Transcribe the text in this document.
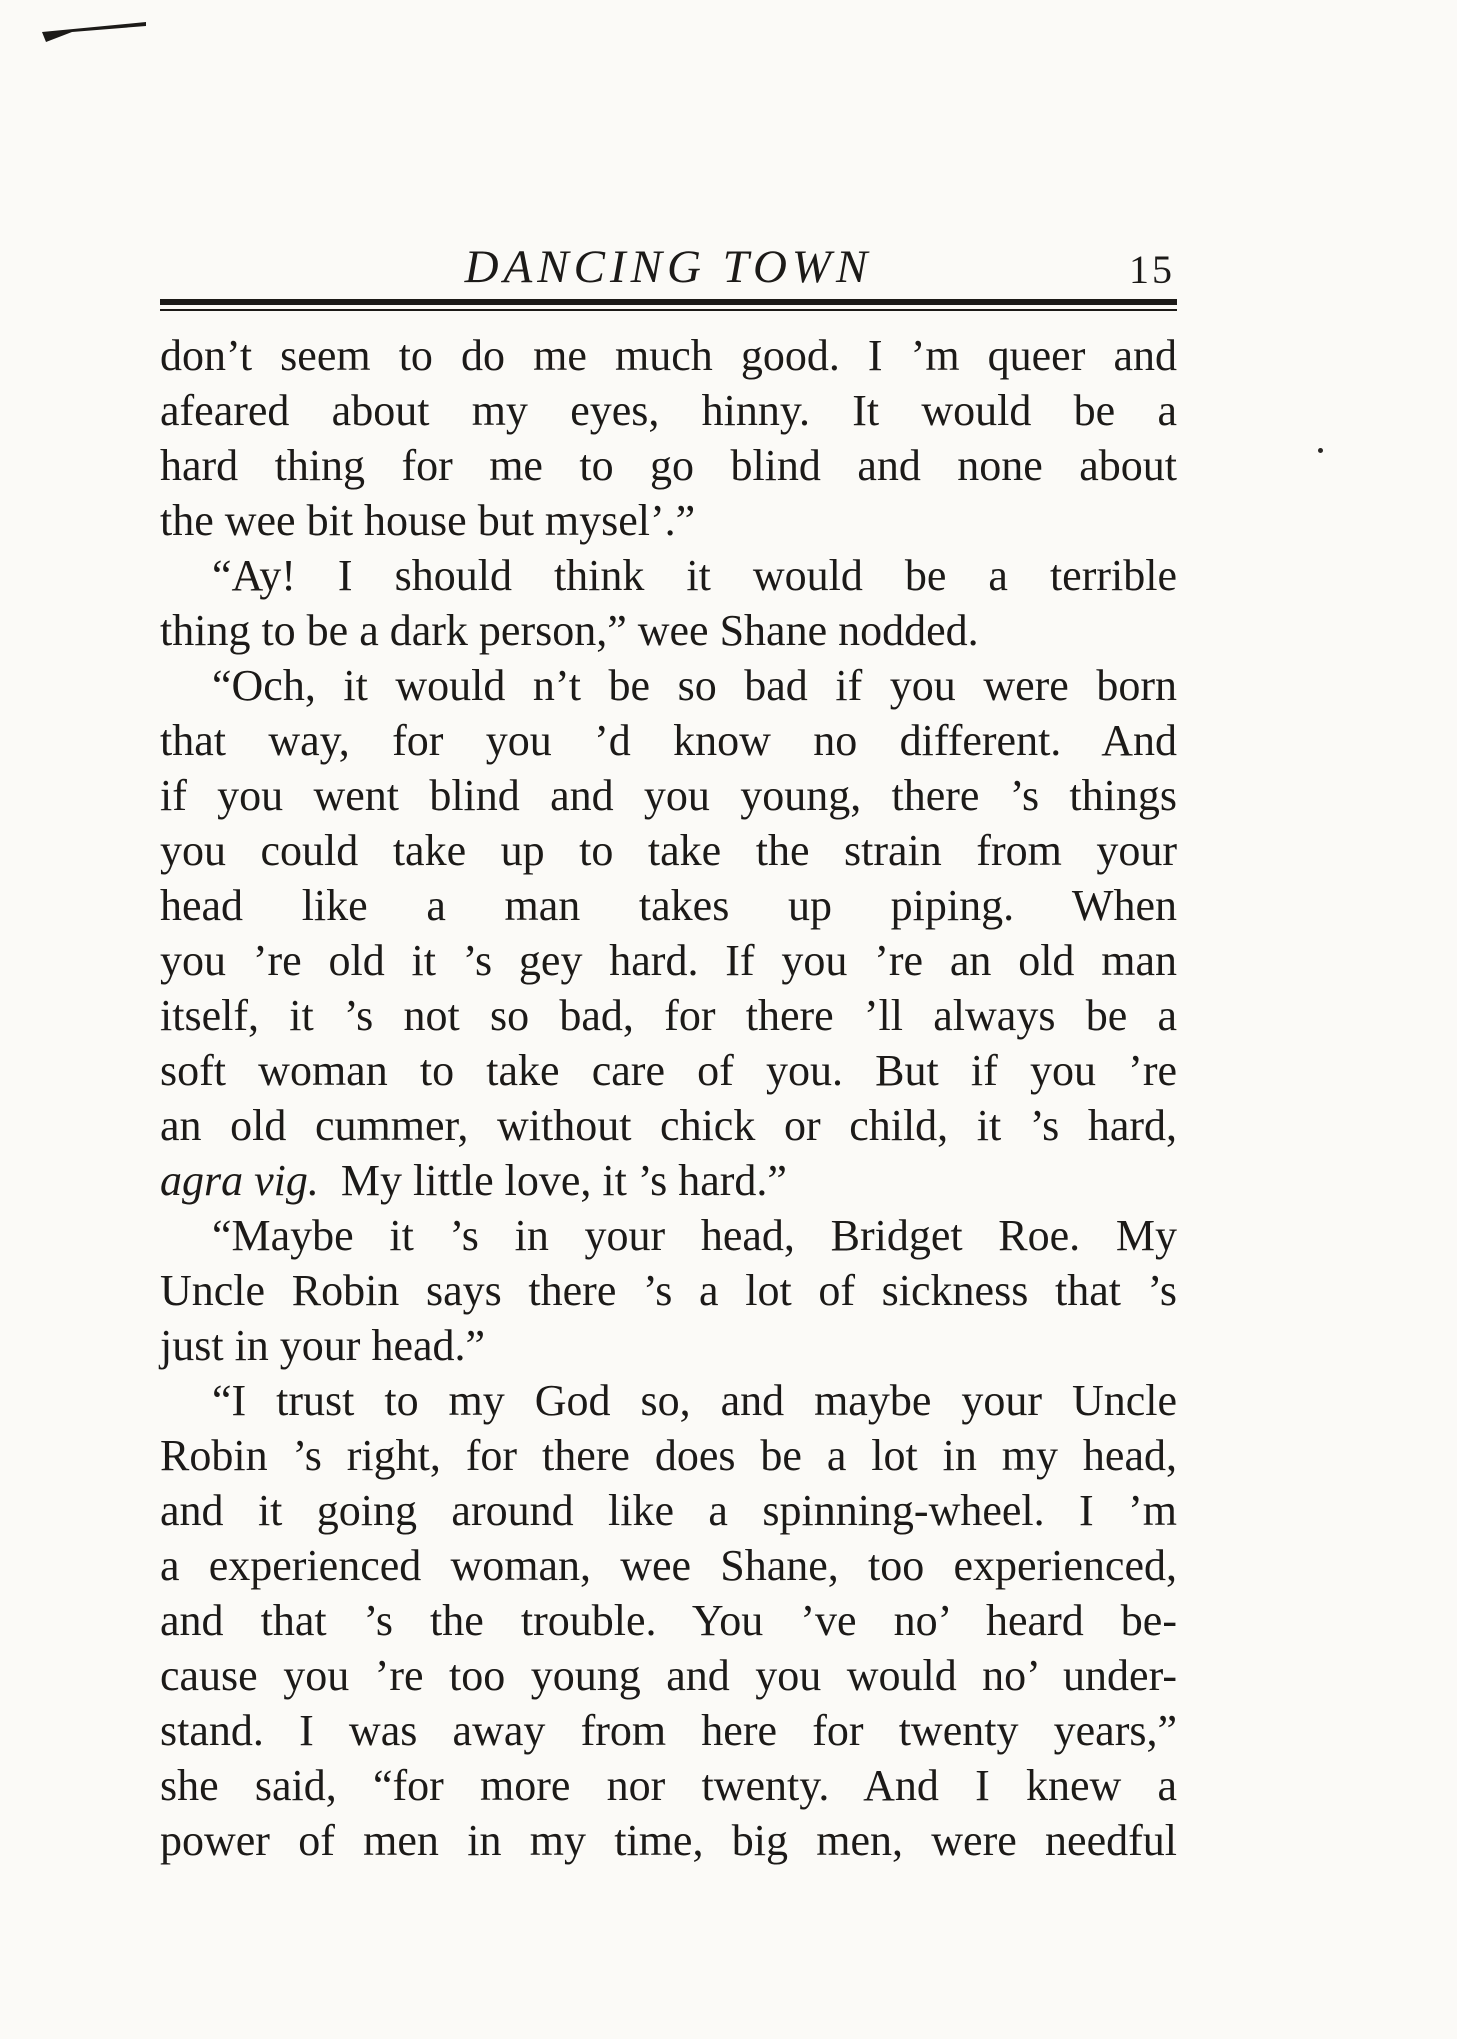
DANCING TOWN	15
don’t seem to do me much good. I ’m queer and
afeared about my eyes, hinny. It would be a
hard thing for me to go blind and none about
the wee bit house but mysel’.”
“Ay! I should think it would be a terrible
thing to be a dark person,” wee Shane nodded.
“Och, it would n’t be so bad if you were born
that way, for you ’d know no different. And
if you went blind and you young, there ’s things
you could take up to take the strain from your
head like a man takes up piping. When
you ’re old it ’s gey hard. If you ’re an old man
itself, it ’s not so bad, for there ’ll always be a
soft woman to take care of you. But if you ’re
an old cummer, without chick or child, it ’s hard,
agra vig. My little love, it ’s hard.”
“Maybe it ’s in your head, Bridget Roe. My
Uncle Robin says there ’s a lot of sickness that ’s
just in your head.”
“I trust to my God so, and maybe your Uncle
Robin ’s right, for there does be a lot in my head,
and it going around like a spinning-wheel. I ’m
a experienced woman, wee Shane, too experienced,
and that ’s the trouble. You ’ve no’ heard be-
cause you ’re too young and you would no’ under-
stand. I was away from here for twenty years,”
she said, “for more nor twenty. And I knew a
power of men in my time, big men, were needful
